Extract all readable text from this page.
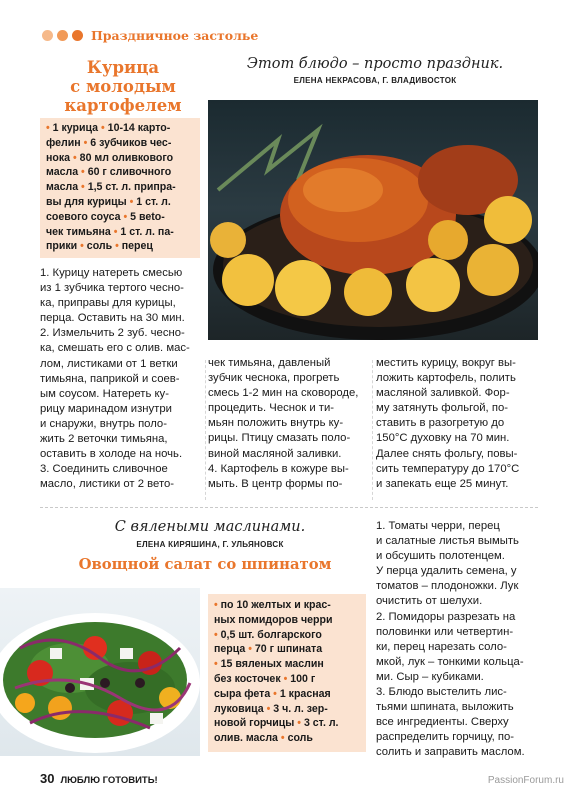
Праздничное застолье
Курица
с молодым
картофелем
Этот блюдо – просто праздник.
ЕЛЕНА НЕКРАСОВА, Г. ВЛАДИВОСТОК
• 1 курица • 10-14 карто-
фелин • 6 зубчиков чес-
нока • 80 мл оливкового
масла • 60 г сливочного
масла • 1,5 ст. л. припра-
вы для курицы • 1 ст. л.
соевого соуса • 5 веto-
чек тимьяна • 1 ст. л. па-
прики • соль • перец
1. Курицу натереть смесью
из 1 зубчика тертого чесно-
ка, приправы для курицы,
перца. Оставить на 30 мин.
2. Измельчить 2 зуб. чесно-
ка, смешать его с олив. мас-
лом, листиками от 1 ветки
тимьяна, паприкой и соев-
ым соусом. Натереть ку-
рицу маринадом изнутри
и снаружи, внутрь поло-
жить 2 веточки тимьяна,
оставить в холоде на ночь.
3. Соединить сливочное
масло, листики от 2 вето-
чек тимьяна, давленый
зубчик чеснока, прогреть
смесь 1-2 мин на сковороде,
процедить. Чеснок и ти-
мьян положить внутрь ку-
рицы. Птицу смазать поло-
виной масляной заливки.
4. Картофель в кожуре вы-
мыть. В центр формы по-
местить курицу, вокруг вы-
ложить картофель, полить
масляной заливкой. Фор-
му затянуть фольгой, по-
ставить в разогретую до
150°С духовку на 70 мин.
Далее снять фольгу, повы-
сить температуру до 170°С
и запекать еще 25 минут.
С вялеными маслинами.
ЕЛЕНА КИРЯШИНА, Г. УЛЬЯНОВСК
Овощной салат со шпинатом
• по 10 желтых и крас-
ных помидоров черри
• 0,5 шт. болгарского
перца • 70 г шпината
• 15 вяленых маслин
без косточек • 100 г
сыра фета • 1 красная
луковица • 3 ч. л. зер-
новой горчицы • 3 ст. л.
олив. масла • соль
1. Томаты черри, перец
и салатные листья вымыть
и обсушить полотенцем.
У перца удалить семена, у
томатов – плодоножки. Лук
очистить от шелухи.
2. Помидоры разрезать на
половинки или четвертин-
ки, перец нарезать соло-
мкой, лук – тонкими кольца-
ми. Сыр – кубиками.
3. Блюдо выстелить лис-
тьями шпината, выложить
все ингредиенты. Сверху
распределить горчицу, по-
солить и заправить маслом.
30 ЛЮБЛЮ ГОТОВИТЬ!	PassionForum.ru
